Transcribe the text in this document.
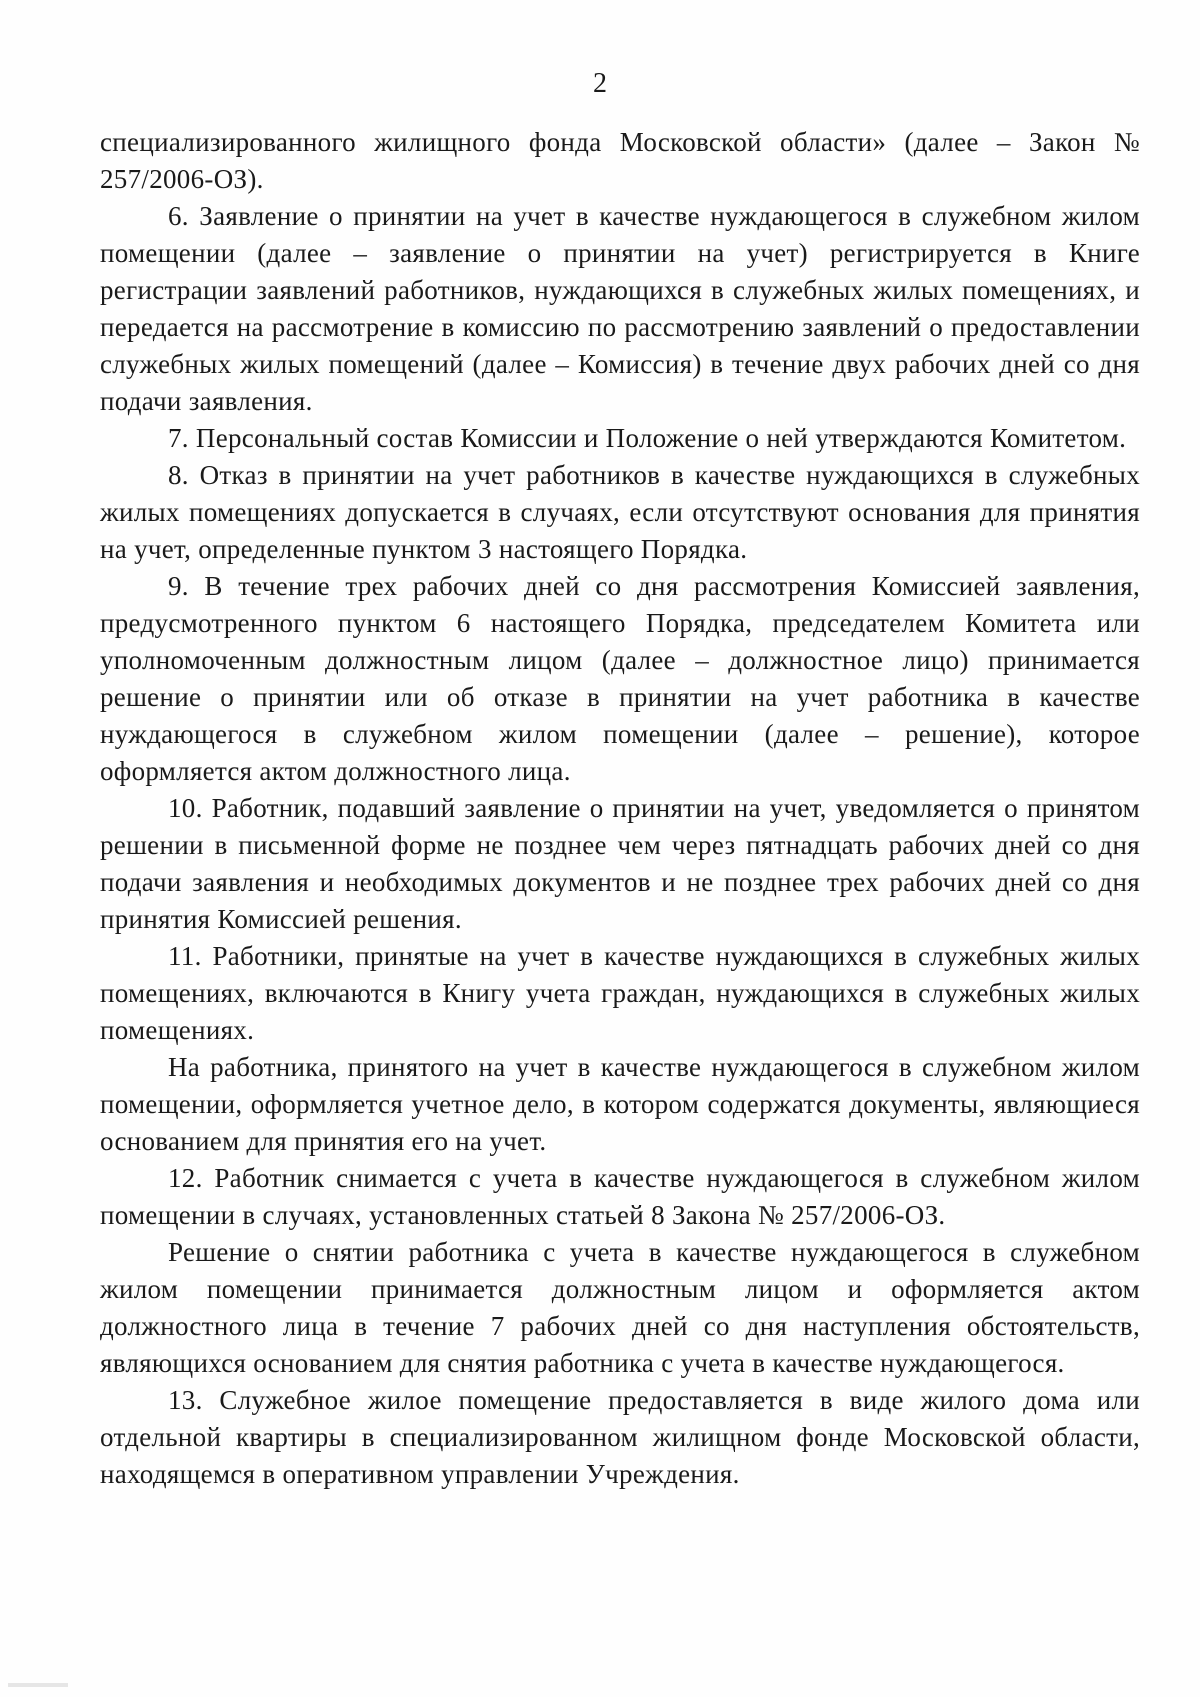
2

специализированного жилищного фонда Московской области» (далее – Закон № 257/2006-ОЗ).

6. Заявление о принятии на учет в качестве нуждающегося в служебном жилом помещении (далее – заявление о принятии на учет) регистрируется в Книге регистрации заявлений работников, нуждающихся в служебных жилых помещениях, и передается на рассмотрение в комиссию по рассмотрению заявлений о предоставлении служебных жилых помещений (далее – Комиссия) в течение двух рабочих дней со дня подачи заявления.

7. Персональный состав Комиссии и Положение о ней утверждаются Комитетом.

8. Отказ в принятии на учет работников в качестве нуждающихся в служебных жилых помещениях допускается в случаях, если отсутствуют основания для принятия на учет, определенные пунктом 3 настоящего Порядка.

9. В течение трех рабочих дней со дня рассмотрения Комиссией заявления, предусмотренного пунктом 6 настоящего Порядка, председателем Комитета или уполномоченным должностным лицом (далее – должностное лицо) принимается решение о принятии или об отказе в принятии на учет работника в качестве нуждающегося в служебном жилом помещении (далее – решение), которое оформляется актом должностного лица.

10. Работник, подавший заявление о принятии на учет, уведомляется о принятом решении в письменной форме не позднее чем через пятнадцать рабочих дней со дня подачи заявления и необходимых документов и не позднее трех рабочих дней со дня принятия Комиссией решения.

11. Работники, принятые на учет в качестве нуждающихся в служебных жилых помещениях, включаются в Книгу учета граждан, нуждающихся в служебных жилых помещениях.

На работника, принятого на учет в качестве нуждающегося в служебном жилом помещении, оформляется учетное дело, в котором содержатся документы, являющиеся основанием для принятия его на учет.

12. Работник снимается с учета в качестве нуждающегося в служебном жилом помещении в случаях, установленных статьей 8 Закона № 257/2006-ОЗ.

Решение о снятии работника с учета в качестве нуждающегося в служебном жилом помещении принимается должностным лицом и оформляется актом должностного лица в течение 7 рабочих дней со дня наступления обстоятельств, являющихся основанием для снятия работника с учета в качестве нуждающегося.

13. Служебное жилое помещение предоставляется в виде жилого дома или отдельной квартиры в специализированном жилищном фонде Московской области, находящемся в оперативном управлении Учреждения.
